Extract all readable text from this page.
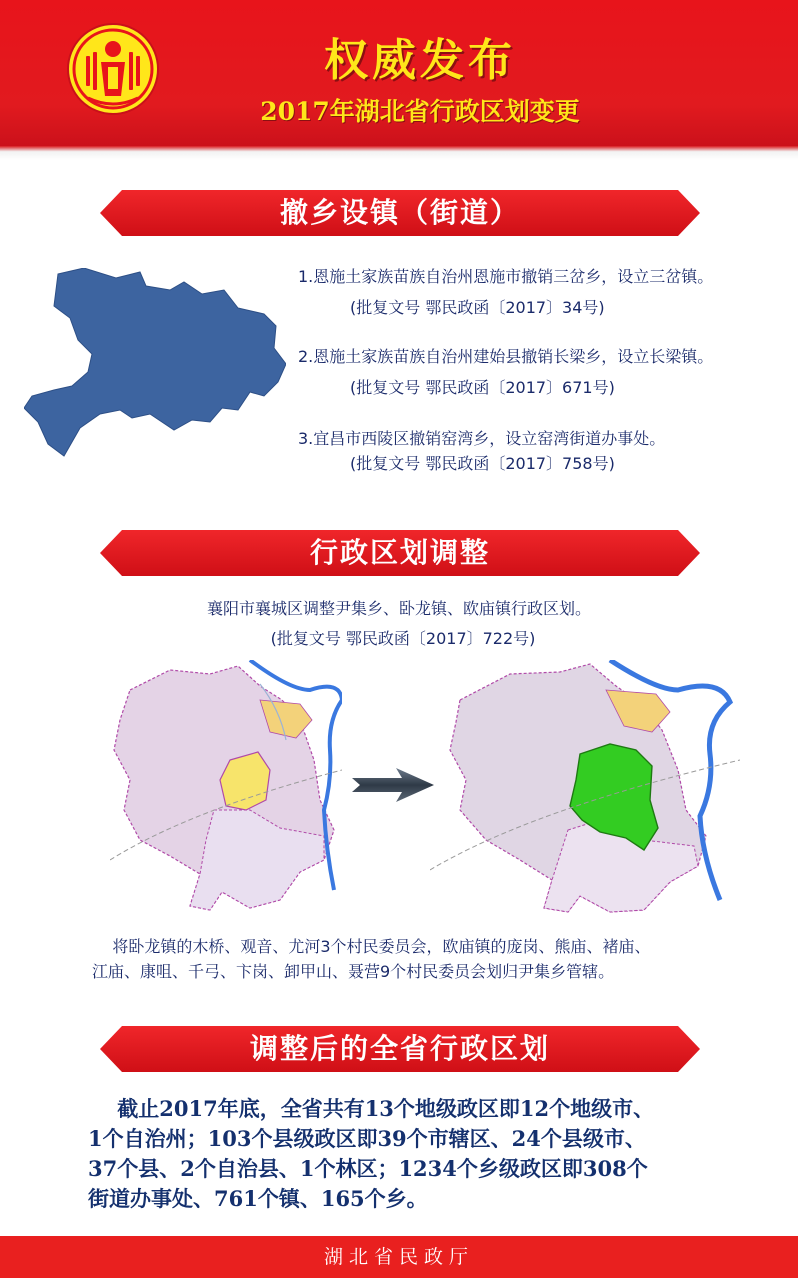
权威发布
2017年湖北省行政区划变更
撤乡设镇（街道）
1.恩施土家族苗族自治州恩施市撤销三岔乡，设立三岔镇。
(批复文号 鄂民政函〔2017〕34号)
2.恩施土家族苗族自治州建始县撤销长梁乡，设立长梁镇。
(批复文号 鄂民政函〔2017〕671号)
3.宜昌市西陵区撤销窑湾乡，设立窑湾街道办事处。
(批复文号 鄂民政函〔2017〕758号)
行政区划调整
襄阳市襄城区调整尹集乡、卧龙镇、欧庙镇行政区划。
(批复文号 鄂民政函〔2017〕722号)
将卧龙镇的木桥、观音、尤河3个村民委员会，欧庙镇的庞岗、熊庙、褚庙、
江庙、康咀、千弓、卞岗、卸甲山、聂营9个村民委员会划归尹集乡管辖。
调整后的全省行政区划
截止2017年底，全省共有13个地级政区即12个地级市、
1个自治州；103个县级政区即39个市辖区、24个县级市、
37个县、2个自治县、1个林区；1234个乡级政区即308个
街道办事处、761个镇、165个乡。
湖北省民政厅
